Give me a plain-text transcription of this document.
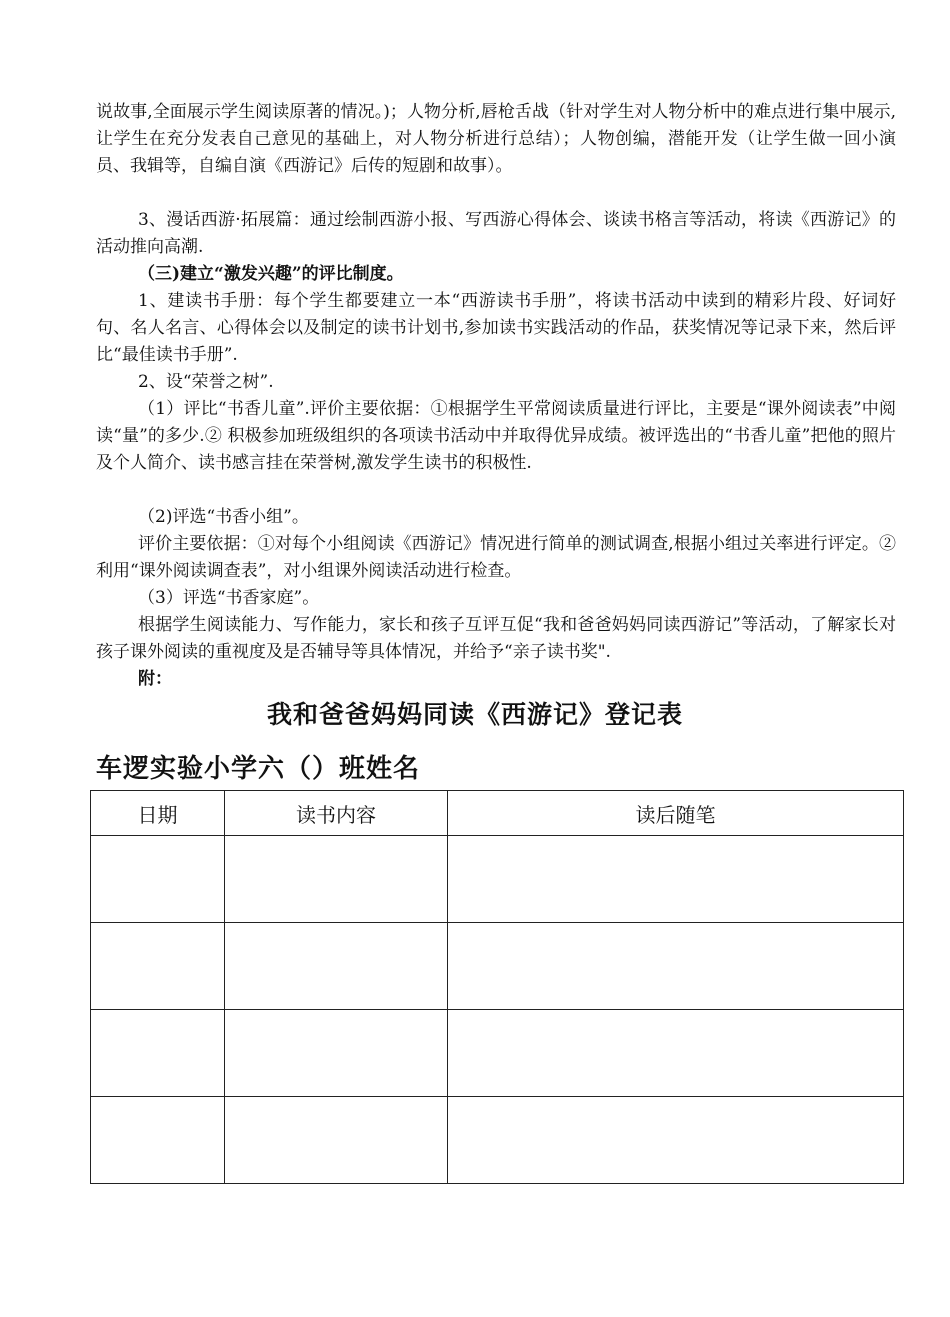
说故事,全面展示学生阅读原著的情况。)；人物分析,唇枪舌战（针对学生对人物分析中的难点进行集中展示,让学生在充分发表自己意见的基础上，对人物分析进行总结）；人物创编，潜能开发（让学生做一回小演员、我辑等，自编自演《西游记》后传的短剧和故事）。

3、漫话西游·拓展篇：通过绘制西游小报、写西游心得体会、谈读书格言等活动，将读《西游记》的活动推向高潮.

（三)建立“激发兴趣”的评比制度。

1、建读书手册：每个学生都要建立一本“西游读书手册”，将读书活动中读到的精彩片段、好词好句、名人名言、心得体会以及制定的读书计划书,参加读书实践活动的作品，获奖情况等记录下来，然后评比“最佳读书手册”.

2、设“荣誉之树”.

（1）评比“书香儿童”.评价主要依据：①根据学生平常阅读质量进行评比，主要是“课外阅读表”中阅读“量”的多少.② 积极参加班级组织的各项读书活动中并取得优异成绩。被评选出的“书香儿童”把他的照片及个人简介、读书感言挂在荣誉树,激发学生读书的积极性.

（2)评选“书香小组”。

评价主要依据：①对每个小组阅读《西游记》情况进行简单的测试调查,根据小组过关率进行评定。②利用“课外阅读调查表”，对小组课外阅读活动进行检查。

（3）评选“书香家庭”。

根据学生阅读能力、写作能力，家长和孩子互评互促“我和爸爸妈妈同读西游记”等活动，了解家长对孩子课外阅读的重视度及是否辅导等具体情况，并给予“亲子读书奖".

附：

我和爸爸妈妈同读《西游记》登记表

车逻实验小学六（）班姓名

日期	读书内容	读后随笔
